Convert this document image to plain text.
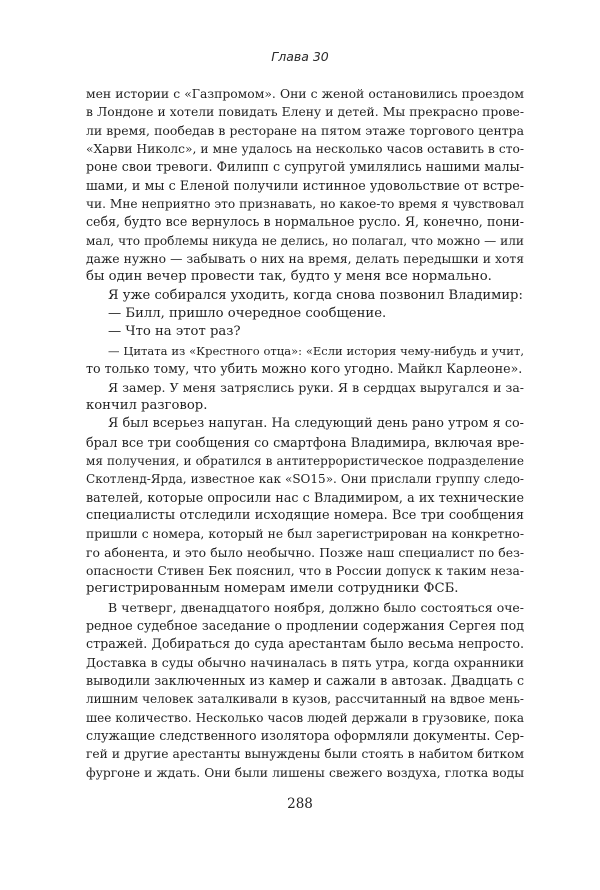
Глава 30
мен истории с «Газпромом». Они с женой остановились проездом
в Лондоне и хотели повидать Елену и детей. Мы прекрасно прове-
ли время, пообедав в ресторане на пятом этаже торгового центра
«Харви Николс», и мне удалось на несколько часов оставить в сто-
роне свои тревоги. Филипп с супругой умилялись нашими малы-
шами, и мы с Еленой получили истинное удовольствие от встре-
чи. Мне неприятно это признавать, но какое-то время я чувствовал
себя, будто все вернулось в нормальное русло. Я, конечно, пони-
мал, что проблемы никуда не делись, но полагал, что можно — или
даже нужно — забывать о них на время, делать передышки и хотя
бы один вечер провести так, будто у меня все нормально.
Я уже собирался уходить, когда снова позвонил Владимир:
— Билл, пришло очередное сообщение.
— Что на этот раз?
— Цитата из «Крестного отца»: «Если история чему-нибудь и учит,
то только тому, что убить можно кого угодно. Майкл Карлеоне».
Я замер. У меня затряслись руки. Я в сердцах выругался и за-
кончил разговор.
Я был всерьез напуган. На следующий день рано утром я со-
брал все три сообщения со смартфона Владимира, включая вре-
мя получения, и обратился в антитеррористическое подразделение
Скотленд-Ярда, известное как «SO15». Они прислали группу следо-
вателей, которые опросили нас с Владимиром, а их технические
специалисты отследили исходящие номера. Все три сообщения
пришли с номера, который не был зарегистрирован на конкретно-
го абонента, и это было необычно. Позже наш специалист по без-
опасности Стивен Бек пояснил, что в России допуск к таким неза-
регистрированным номерам имели сотрудники ФСБ.
В четверг, двенадцатого ноября, должно было состояться оче-
редное судебное заседание о продлении содержания Сергея под
стражей. Добираться до суда арестантам было весьма непросто.
Доставка в суды обычно начиналась в пять утра, когда охранники
выводили заключенных из камер и сажали в автозак. Двадцать с
лишним человек заталкивали в кузов, рассчитанный на вдвое мень-
шее количество. Несколько часов людей держали в грузовике, пока
служащие следственного изолятора оформляли документы. Сер-
гей и другие арестанты вынуждены были стоять в набитом битком
фургоне и ждать. Они были лишены свежего воздуха, глотка воды
288
